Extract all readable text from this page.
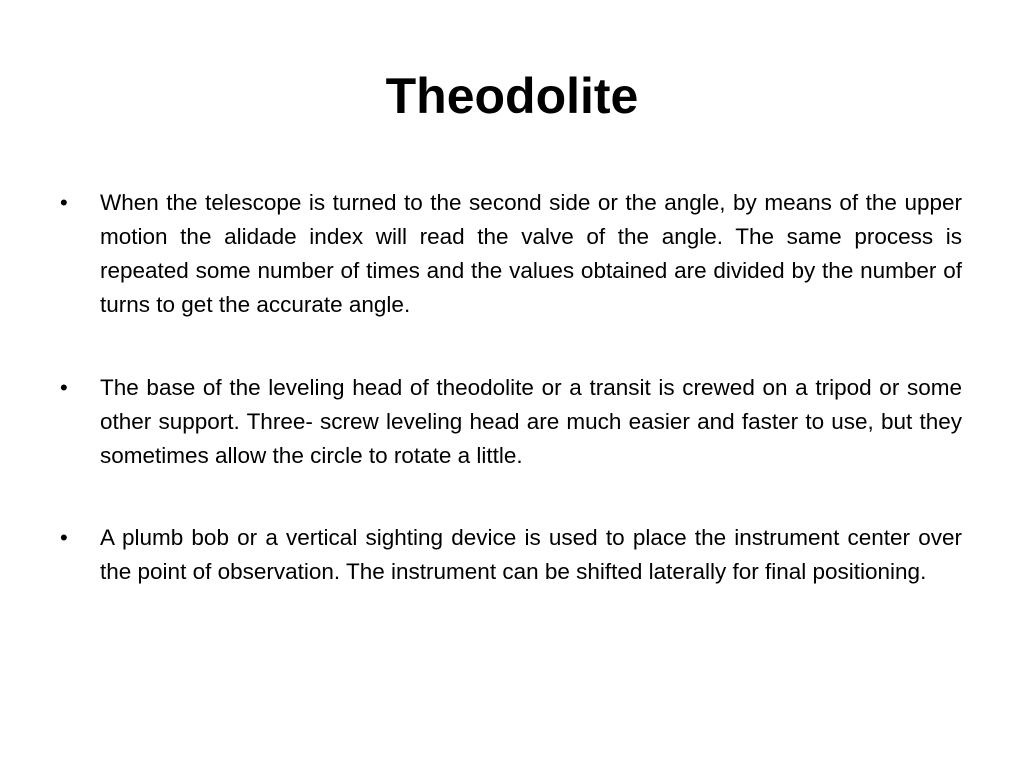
Theodolite
• When the telescope is turned to the second side or the angle, by means of the upper motion the alidade index will read the valve of the angle. The same process is repeated some number of times and the values obtained are divided by the number of turns to get the accurate angle.
• The base of the leveling head of theodolite or a transit is crewed on a tripod or some other support. Three- screw leveling head are much easier and faster to use, but they sometimes allow the circle to rotate a little.
• A plumb bob or a vertical sighting device is used to place the instrument center over the point of observation. The instrument can be shifted laterally for final positioning.
